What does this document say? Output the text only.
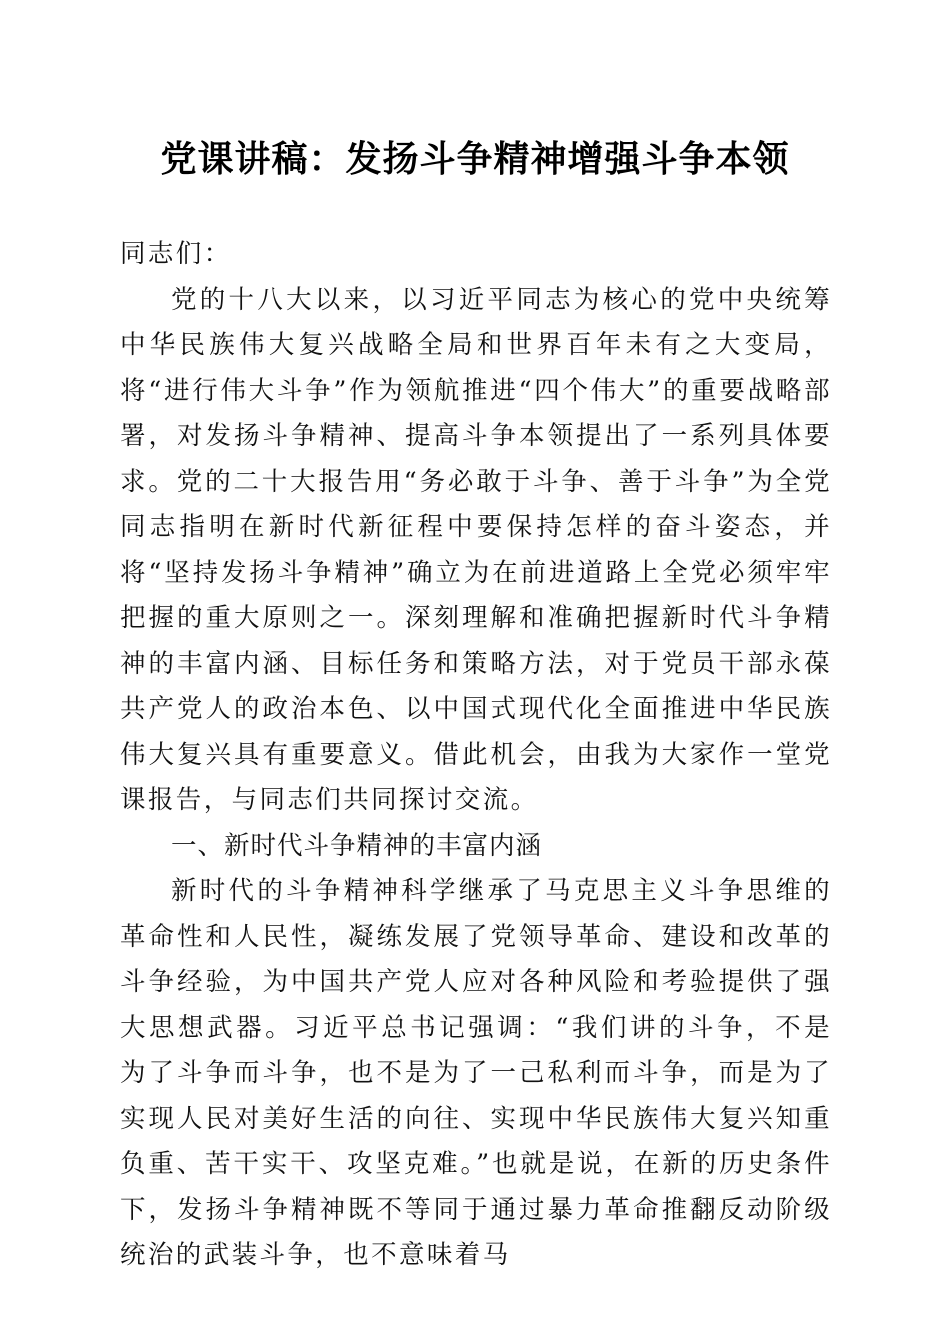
党课讲稿：发扬斗争精神增强斗争本领

同志们：

党的十八大以来，以习近平同志为核心的党中央统筹中华民族伟大复兴战略全局和世界百年未有之大变局，将“进行伟大斗争”作为领航推进“四个伟大”的重要战略部署，对发扬斗争精神、提高斗争本领提出了一系列具体要求。党的二十大报告用“务必敢于斗争、善于斗争”为全党同志指明在新时代新征程中要保持怎样的奋斗姿态，并将“坚持发扬斗争精神”确立为在前进道路上全党必须牢牢把握的重大原则之一。深刻理解和准确把握新时代斗争精神的丰富内涵、目标任务和策略方法，对于党员干部永葆共产党人的政治本色、以中国式现代化全面推进中华民族伟大复兴具有重要意义。借此机会，由我为大家作一堂党课报告，与同志们共同探讨交流。

一、新时代斗争精神的丰富内涵

新时代的斗争精神科学继承了马克思主义斗争思维的革命性和人民性，凝练发展了党领导革命、建设和改革的斗争经验，为中国共产党人应对各种风险和考验提供了强大思想武器。习近平总书记强调：“我们讲的斗争，不是为了斗争而斗争，也不是为了一己私利而斗争，而是为了实现人民对美好生活的向往、实现中华民族伟大复兴知重负重、苦干实干、攻坚克难。”也就是说，在新的历史条件下，发扬斗争精神既不等同于通过暴力革命推翻反动阶级统治的武装斗争，也不意味着马
